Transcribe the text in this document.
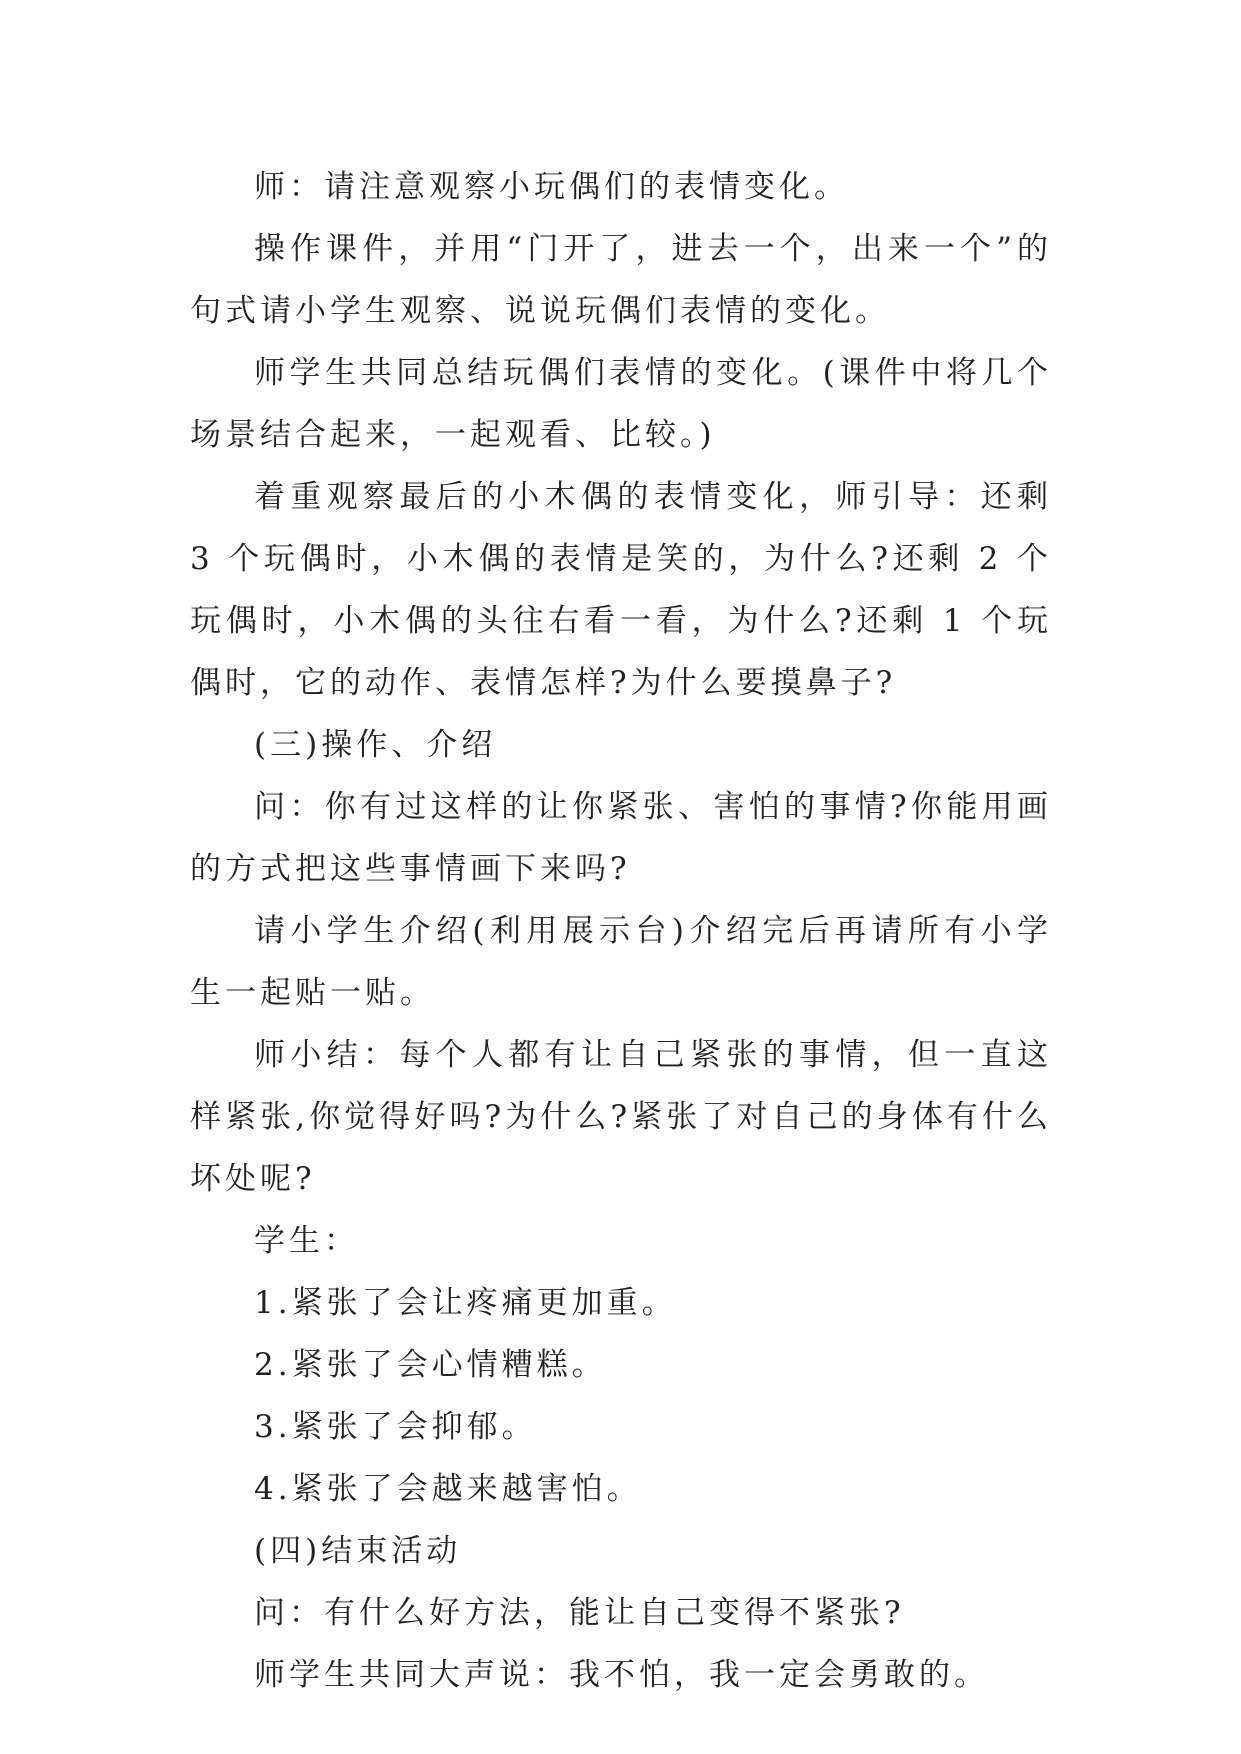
师：请注意观察小玩偶们的表情变化。

操作课件，并用“门开了，进去一个，出来一个”的句式请小学生观察、说说玩偶们表情的变化。

师学生共同总结玩偶们表情的变化。(课件中将几个场景结合起来，一起观看、比较。)

着重观察最后的小木偶的表情变化，师引导：还剩 3 个玩偶时，小木偶的表情是笑的，为什么?还剩 2 个玩偶时，小木偶的头往右看一看，为什么?还剩 1 个玩偶时，它的动作、表情怎样?为什么要摸鼻子?

(三)操作、介绍

问：你有过这样的让你紧张、害怕的事情?你能用画的方式把这些事情画下来吗?

请小学生介绍(利用展示台)介绍完后再请所有小学生一起贴一贴。

师小结：每个人都有让自己紧张的事情，但一直这样紧张,你觉得好吗?为什么?紧张了对自己的身体有什么坏处呢?

学生：

1.紧张了会让疼痛更加重。

2.紧张了会心情糟糕。

3.紧张了会抑郁。

4.紧张了会越来越害怕。

(四)结束活动

问：有什么好方法，能让自己变得不紧张?

师学生共同大声说：我不怕，我一定会勇敢的。
